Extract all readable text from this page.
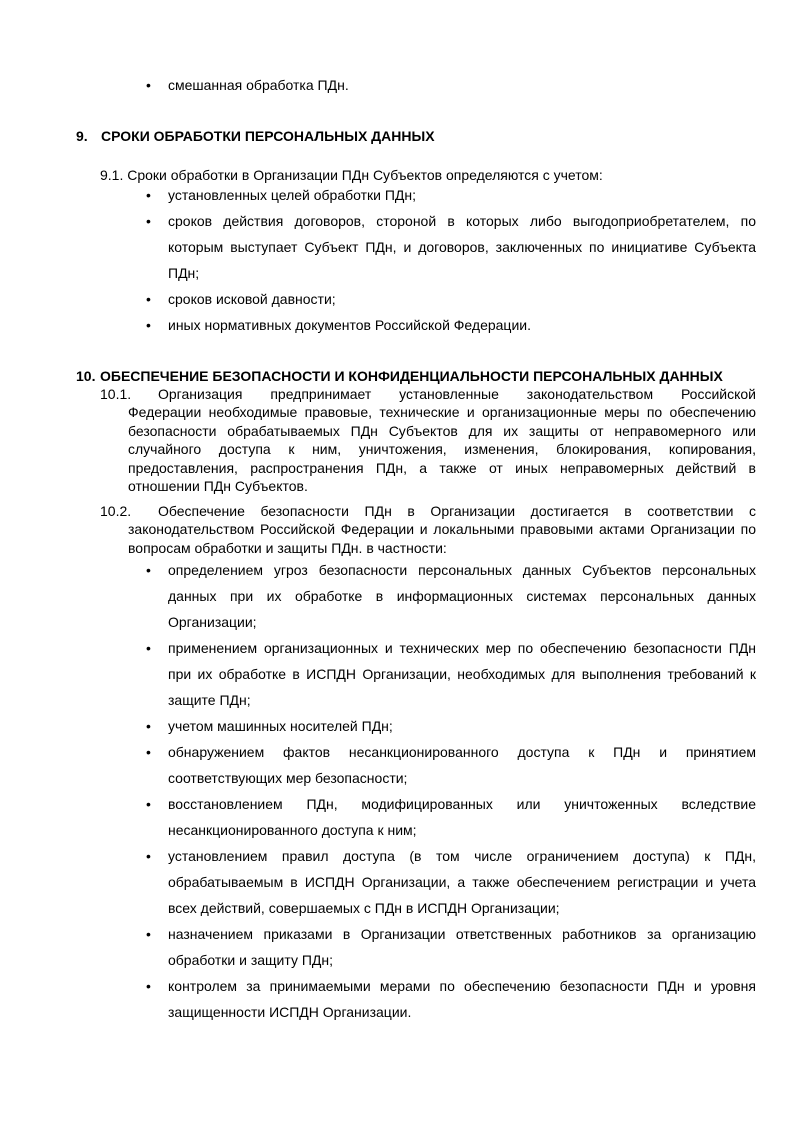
• смешанная обработка ПДн.
9. СРОКИ ОБРАБОТКИ ПЕРСОНАЛЬНЫХ ДАННЫХ
9.1. Сроки обработки в Организации ПДн Субъектов определяются с учетом:
• установленных целей обработки ПДн;
• сроков действия договоров, стороной в которых либо выгодоприобретателем, по которым выступает Субъект ПДн, и договоров, заключенных по инициативе Субъекта ПДн;
• сроков исковой давности;
• иных нормативных документов Российской Федерации.
10. ОБЕСПЕЧЕНИЕ БЕЗОПАСНОСТИ И КОНФИДЕНЦИАЛЬНОСТИ ПЕРСОНАЛЬНЫХ ДАННЫХ
10.1.	Организация предпринимает установленные законодательством Российской
Федерации необходимые правовые, технические и организационные меры по обеспечению безопасности обрабатываемых ПДн Субъектов для их защиты от неправомерного или случайного доступа к ним, уничтожения, изменения, блокирования, копирования, предоставления, распространения ПДн, а также от иных неправомерных действий в отношении ПДн Субъектов.
10.2.	Обеспечение безопасности ПДн в Организации достигается в соответствии с
законодательством Российской Федерации и локальными правовыми актами Организации по вопросам обработки и защиты ПДн. в частности:
• определением угроз безопасности персональных данных Субъектов персональных данных при их обработке в информационных системах персональных данных Организации;
• применением организационных и технических мер по обеспечению безопасности ПДн при их обработке в ИСПДН Организации, необходимых для выполнения требований к защите ПДн;
• учетом машинных носителей ПДн;
• обнаружением фактов несанкционированного доступа к ПДн и принятием соответствующих мер безопасности;
• восстановлением ПДн, модифицированных или уничтоженных вследствие несанкционированного доступа к ним;
• установлением правил доступа (в том числе ограничением доступа) к ПДн, обрабатываемым в ИСПДН Организации, а также обеспечением регистрации и учета всех действий, совершаемых с ПДн в ИСПДН Организации;
• назначением приказами в Организации ответственных работников за организацию обработки и защиту ПДн;
• контролем за принимаемыми мерами по обеспечению безопасности ПДн и уровня защищенности ИСПДН Организации.
